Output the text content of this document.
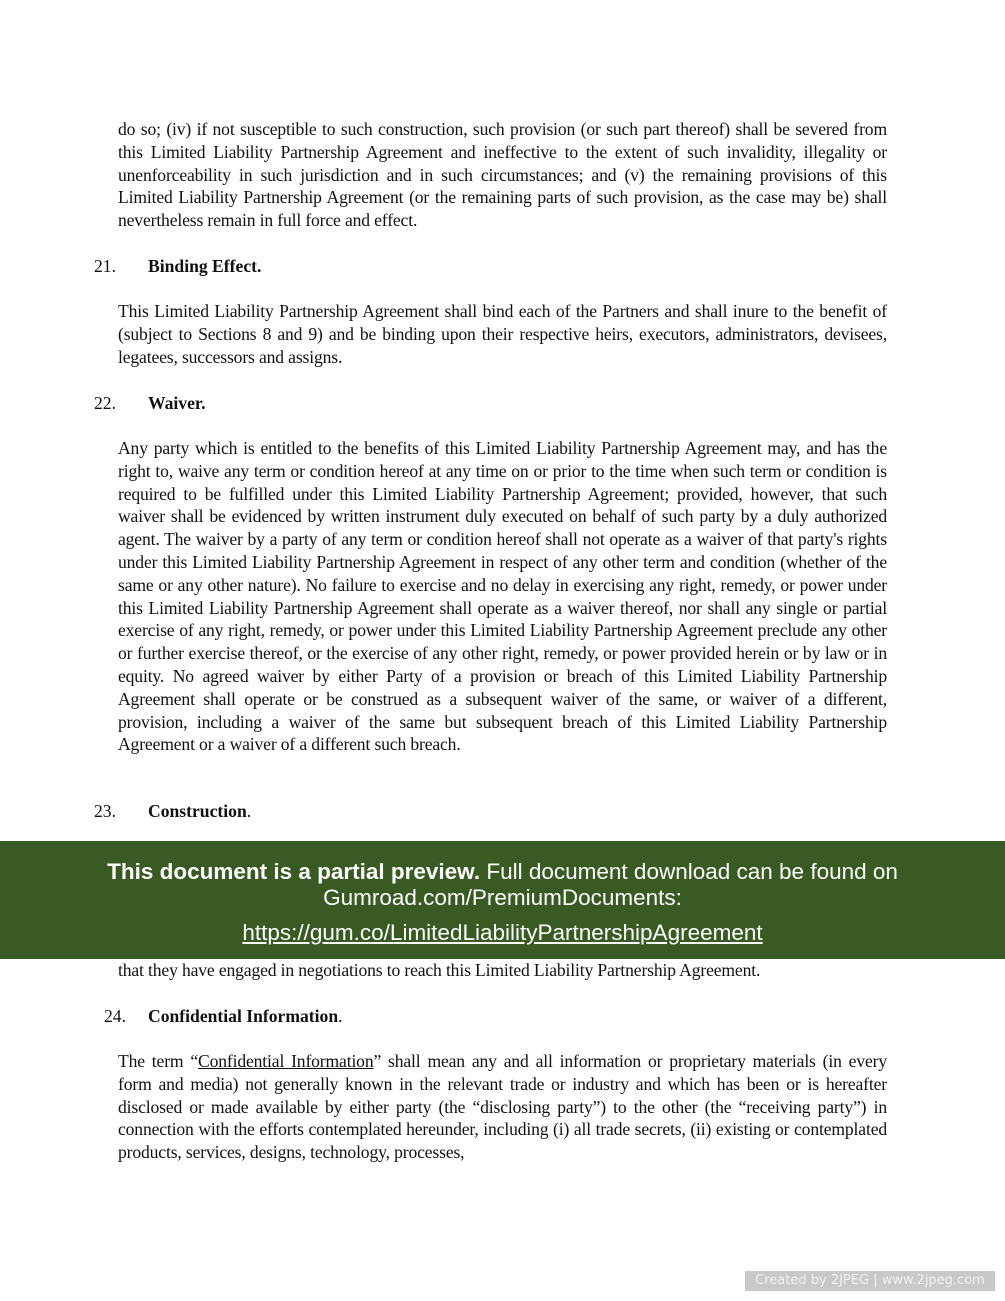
do so; (iv) if not susceptible to such construction, such provision (or such part thereof) shall be severed from this Limited Liability Partnership Agreement and ineffective to the extent of such invalidity, illegality or unenforceability in such jurisdiction and in such circumstances; and (v) the remaining provisions of this Limited Liability Partnership Agreement (or the remaining parts of such provision, as the case may be) shall nevertheless remain in full force and effect.

21. Binding Effect.

This Limited Liability Partnership Agreement shall bind each of the Partners and shall inure to the benefit of (subject to Sections 8 and 9) and be binding upon their respective heirs, executors, administrators, devisees, legatees, successors and assigns.

22. Waiver.

Any party which is entitled to the benefits of this Limited Liability Partnership Agreement may, and has the right to, waive any term or condition hereof at any time on or prior to the time when such term or condition is required to be fulfilled under this Limited Liability Partnership Agreement; provided, however, that such waiver shall be evidenced by written instrument duly executed on behalf of such party by a duly authorized agent. The waiver by a party of any term or condition hereof shall not operate as a waiver of that party's rights under this Limited Liability Partnership Agreement in respect of any other term and condition (whether of the same or any other nature). No failure to exercise and no delay in exercising any right, remedy, or power under this Limited Liability Partnership Agreement shall operate as a waiver thereof, nor shall any single or partial exercise of any right, remedy, or power under this Limited Liability Partnership Agreement preclude any other or further exercise thereof, or the exercise of any other right, remedy, or power provided herein or by law or in equity. No agreed waiver by either Party of a provision or breach of this Limited Liability Partnership Agreement shall operate or be construed as a subsequent waiver of the same, or waiver of a different, provision, including a waiver of the same but subsequent breach of this Limited Liability Partnership Agreement or a waiver of a different such breach.

23. Construction.
This document is a partial preview. Full document download can be found on
Gumroad.com/PremiumDocuments:
https://gum.co/LimitedLiabilityPartnershipAgreement

that they have engaged in negotiations to reach this Limited Liability Partnership Agreement.

24. Confidential Information.

The term “Confidential Information” shall mean any and all information or proprietary materials (in every form and media) not generally known in the relevant trade or industry and which has been or is hereafter disclosed or made available by either party (the “disclosing party”) to the other (the “receiving party”) in connection with the efforts contemplated hereunder, including (i) all trade secrets, (ii) existing or contemplated products, services, designs, technology, processes,

Created by 2JPEG | www.2jpeg.com
